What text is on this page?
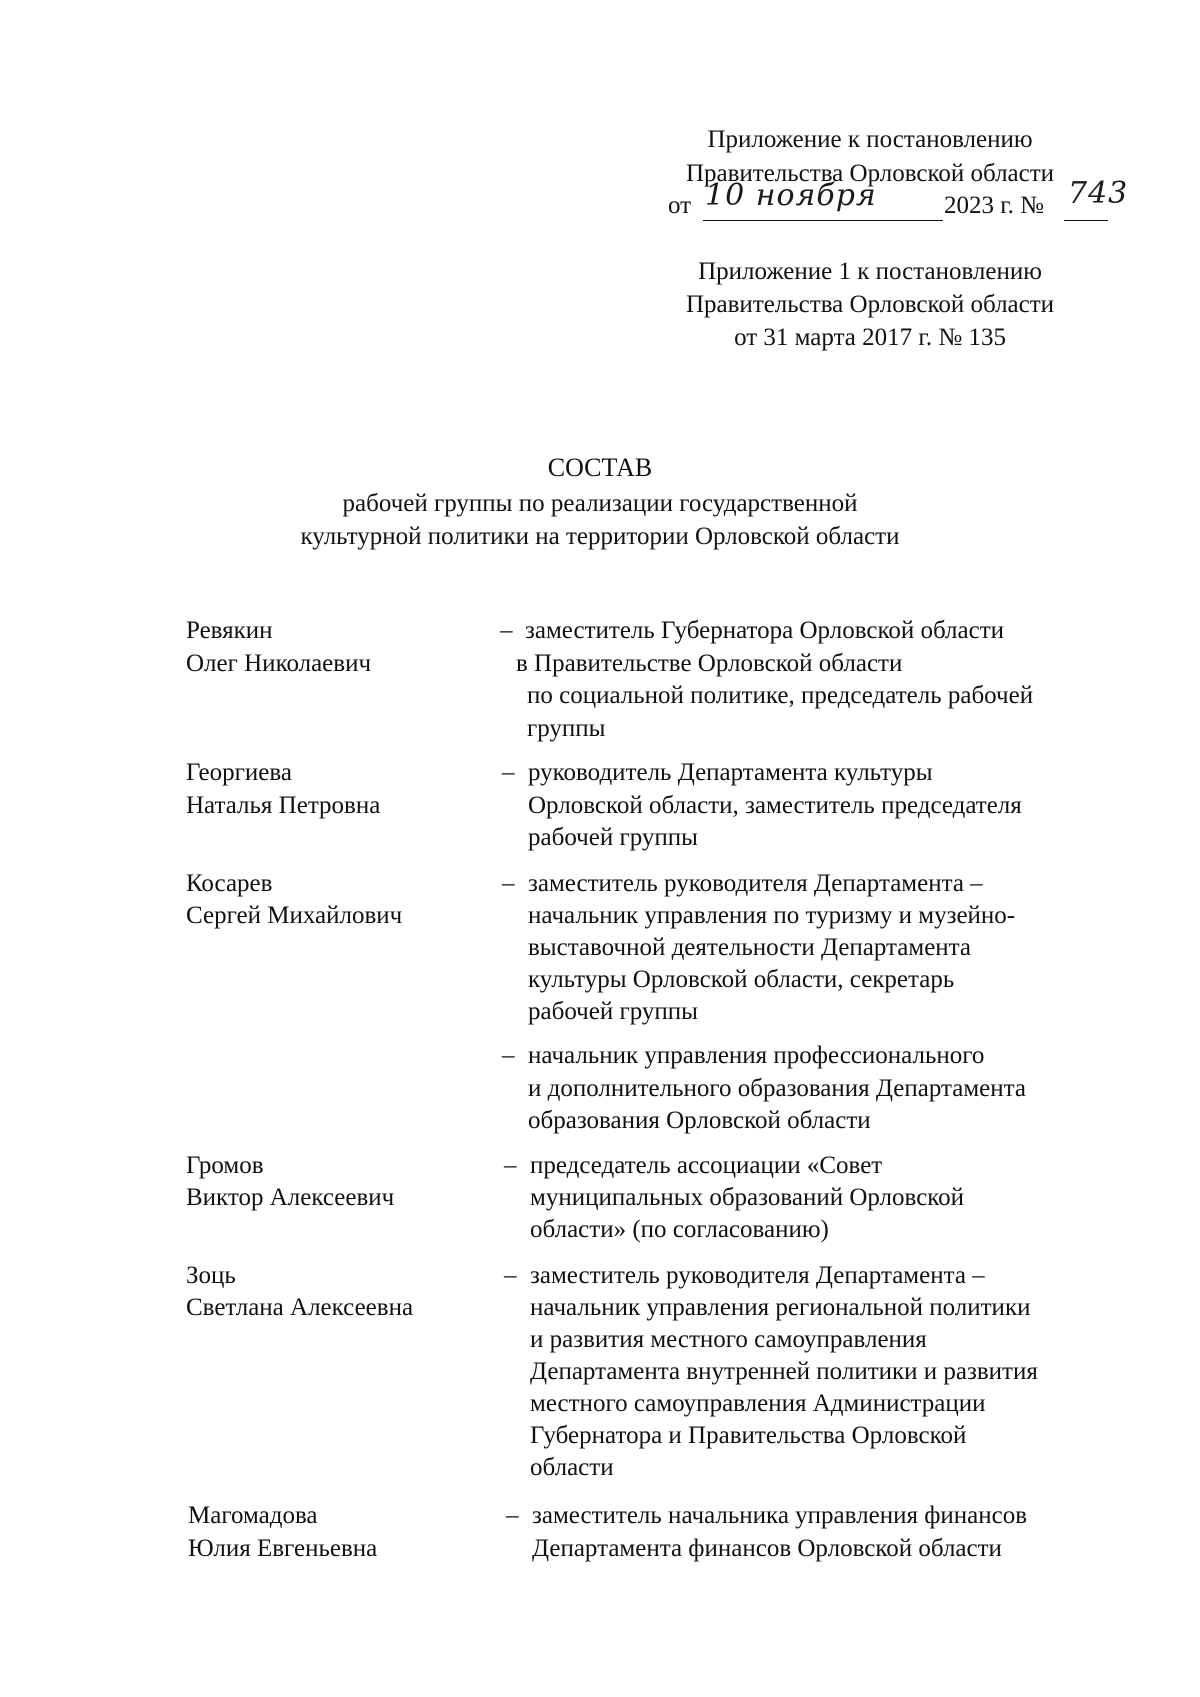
Приложение к постановлению
Правительства Орловской области
от 10 ноября	2023 г. № 743
Приложение 1 к постановлению
Правительства Орловской области
от 31 марта 2017 г. № 135
СОСТАВ
рабочей группы по реализации государственной
культурной политики на территории Орловской области
Ревякин
Олег Николаевич
– заместитель Губернатора Орловской области
в Правительстве Орловской области
по социальной политике, председатель рабочей
группы
Георгиева
Наталья Петровна
– руководитель Департамента культуры
Орловской области, заместитель председателя
рабочей группы
Косарев
Сергей Михайлович
– заместитель руководителя Департамента –
начальник управления по туризму и музейно-
выставочной деятельности Департамента
культуры Орловской области, секретарь
рабочей группы
– начальник управления профессионального
и дополнительного образования Департамента
образования Орловской области
Громов
Виктор Алексеевич
– председатель ассоциации «Совет
муниципальных образований Орловской
области» (по согласованию)
Зоць
Светлана Алексеевна
– заместитель руководителя Департамента –
начальник управления региональной политики
и развития местного самоуправления
Департамента внутренней политики и развития
местного самоуправления Администрации
Губернатора и Правительства Орловской
области
Магомадова
Юлия Евгеньевна
– заместитель начальника управления финансов
Департамента финансов Орловской области
